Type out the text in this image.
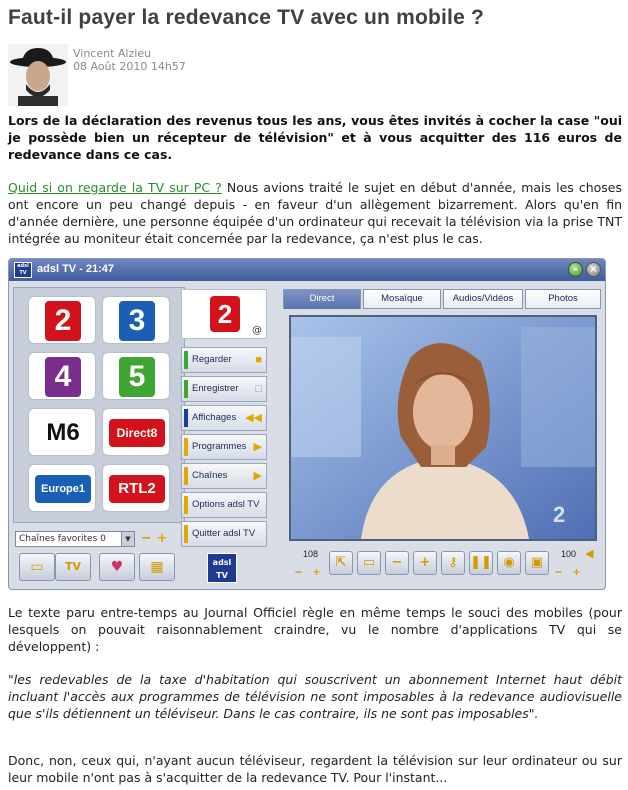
Faut-il payer la redevance TV avec un mobile ?
Vincent Alzieu
08 Août 2010 14h57
Lors de la déclaration des revenus tous les ans, vous êtes invités à cocher la case "oui je possède bien un récepteur de télévision" et à vous acquitter des 116 euros de redevance dans ce cas.
Quid si on regarde la TV sur PC ? Nous avions traité le sujet en début d'année, mais les choses ont encore un peu changé depuis - en faveur d'un allègement bizarrement. Alors qu'en fin d'année dernière, une personne équipée d'un ordinateur qui recevait la télévision via la prise TNT intégrée au moniteur était concernée par la redevance, ça n'est plus le cas.
adsl TV adsl TV - 21:47	–	×
2	3
4	5
M6	Direct8
Europe1	RTL2
Chaînes favorites 0	▼ − +
▭	TV	♥	▦	adsl TV
2
@
Regarder ■
Enregistrer □
Affichages ◀◀
Programmes ▶
Chaînes ▶
Options adsl TV
Quitter adsl TV
Direct	Mosaïque	Audios/Vidéos	Photos
2
108
− +
⇱	▭	−	+	⚷ ❚❚ ◉	▣
100 ◀
− +
Le texte paru entre-temps au Journal Officiel règle en même temps le souci des mobiles (pour lesquels on pouvait raisonnablement craindre, vu le nombre d'applications TV qui se développent) :
"les redevables de la taxe d'habitation qui souscrivent un abonnement Internet haut débit incluant l'accès aux programmes de télévision ne sont imposables à la redevance audiovisuelle que s'ils détiennent un téléviseur. Dans le cas contraire, ils ne sont pas imposables".
Donc, non, ceux qui, n'ayant aucun téléviseur, regardent la télévision sur leur ordinateur ou sur leur mobile n'ont pas à s'acquitter de la redevance TV. Pour l'instant...
